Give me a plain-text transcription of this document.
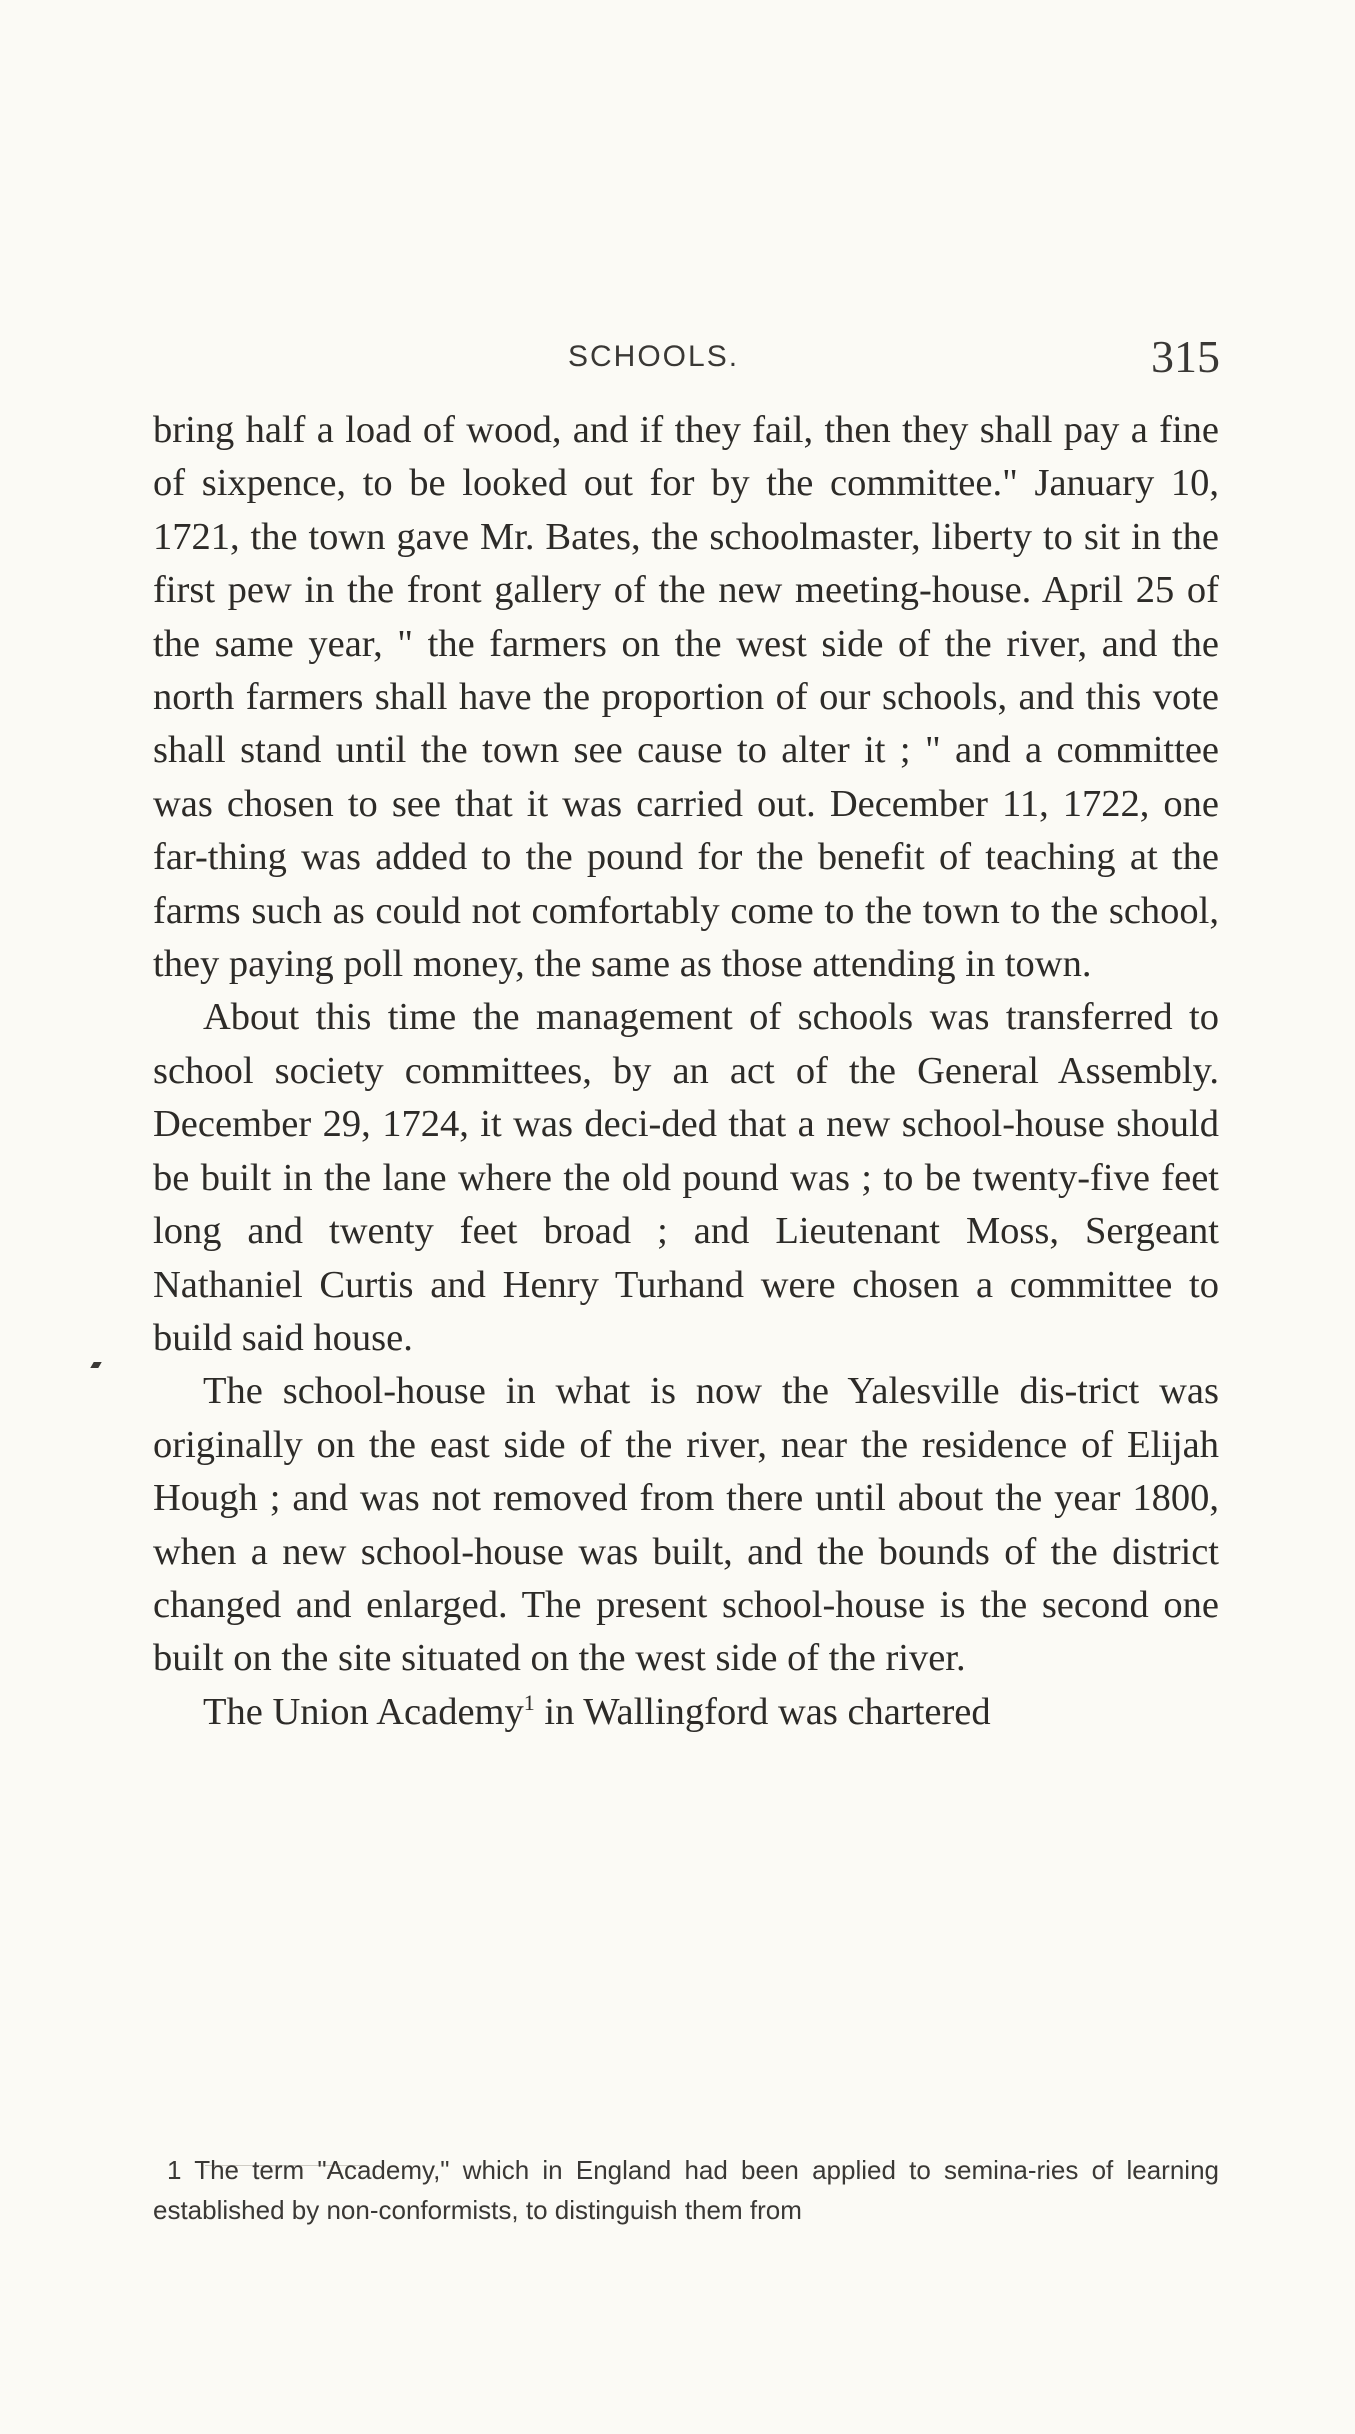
SCHOOLS.	315

bring half a load of wood, and if they fail, then they shall pay a fine of sixpence, to be looked out for by the committee." January 10, 1721, the town gave Mr. Bates, the schoolmaster, liberty to sit in the first pew in the front gallery of the new meeting-house. April 25 of the same year, " the farmers on the west side of the river, and the north farmers shall have the proportion of our schools, and this vote shall stand until the town see cause to alter it ; " and a committee was chosen to see that it was carried out. December 11, 1722, one far-thing was added to the pound for the benefit of teaching at the farms such as could not comfortably come to the town to the school, they paying poll money, the same as those attending in town.

About this time the management of schools was transferred to school society committees, by an act of the General Assembly. December 29, 1724, it was deci-ded that a new school-house should be built in the lane where the old pound was ; to be twenty-five feet long and twenty feet broad ; and Lieutenant Moss, Sergeant Nathaniel Curtis and Henry Turhand were chosen a committee to build said house.

The school-house in what is now the Yalesville dis-trict was originally on the east side of the river, near the residence of Elijah Hough ; and was not removed from there until about the year 1800, when a new school-house was built, and the bounds of the district changed and enlarged. The present school-house is the second one built on the site situated on the west side of the river.

The Union Academy$^1$ in Wallingford was chartered

1 The term "Academy," which in England had been applied to semina-ries of learning established by non-conformists, to distinguish them from
